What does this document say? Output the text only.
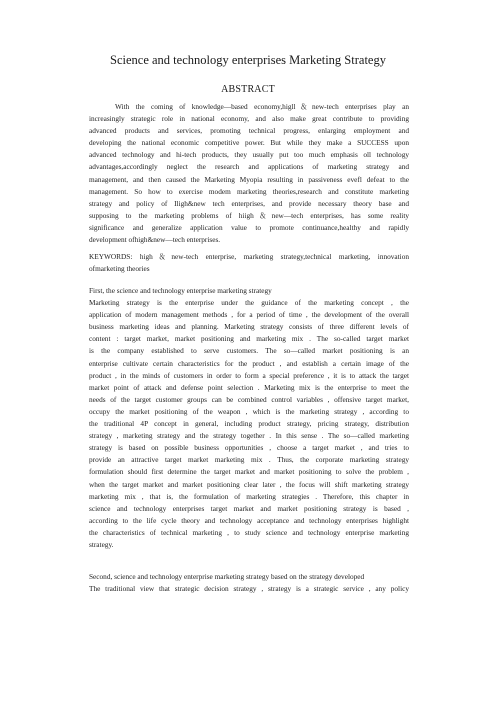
Science and technology enterprises Marketing Strategy
ABSTRACT
With the coming of knowledge—based economy,higll＆new-tech enterprises play an
increasingly strategic role in national economy, and also make great contribute to providing
advanced products and services, promoting technical progress, enlarging employment and
developing the national economic competitive power. But while they make a SUCCESS upon
advanced technology and hi-tech products, they usually put too much emphasis oll technology
advantages,accordingly neglect the research and applications of marketing strategy and
management, and then caused the Marketing Myopia resulting in passiveness evefl defeat to the
management. So how to exercise modem marketing theories,research and constitute marketing
strategy and policy of Iligh&new tech enterprises, and provide necessary theory base and
supposing to the marketing problems of hiigh＆new—tech enterprises, has some reality
significance and generalize application value to promote continuance,healthy and rapidly
development ofhigh&new—tech enterprises.
KEYWORDS: high＆new-tech enterprise, marketing strategy,technical marketing, innovation
ofmarketing theories
First, the science and technology enterprise marketing strategy
Marketing strategy is the enterprise under the guidance of the marketing concept , the
application of modern management methods , for a period of time , the development of the overall
business marketing ideas and planning. Marketing strategy consists of three different levels of
content : target market, market positioning and marketing mix . The so-called target market
is the company established to serve customers. The so—called market positioning is an
enterprise cultivate certain characteristics for the product , and establish a certain image of the
product , in the minds of customers in order to form a special preference , it is to attack the target
market point of attack and defense point selection . Marketing mix is the enterprise to meet the
needs of the target customer groups can be combined control variables , offensive target market,
occupy the market positioning of the weapon , which is the marketing strategy , according to
the traditional 4P concept in general, including product strategy, pricing strategy, distribution
strategy , marketing strategy and the strategy together . In this sense . The so—called marketing
strategy is based on possible business opportunities , choose a target market , and tries to
provide an attractive target market marketing mix . Thus, the corporate marketing strategy
formulation should first determine the target market and market positioning to solve the problem ,
when the target market and market positioning clear later , the focus will shift marketing strategy
marketing mix , that is, the formulation of marketing strategies . Therefore, this chapter in
science and technology enterprises target market and market positioning strategy is based ,
according to the life cycle theory and technology acceptance and technology enterprises highlight
the characteristics of technical marketing , to study science and technology enterprise marketing
strategy.
Second, science and technology enterprise marketing strategy based on the strategy developed
The traditional view that strategic decision strategy , strategy is a strategic service , any policy
